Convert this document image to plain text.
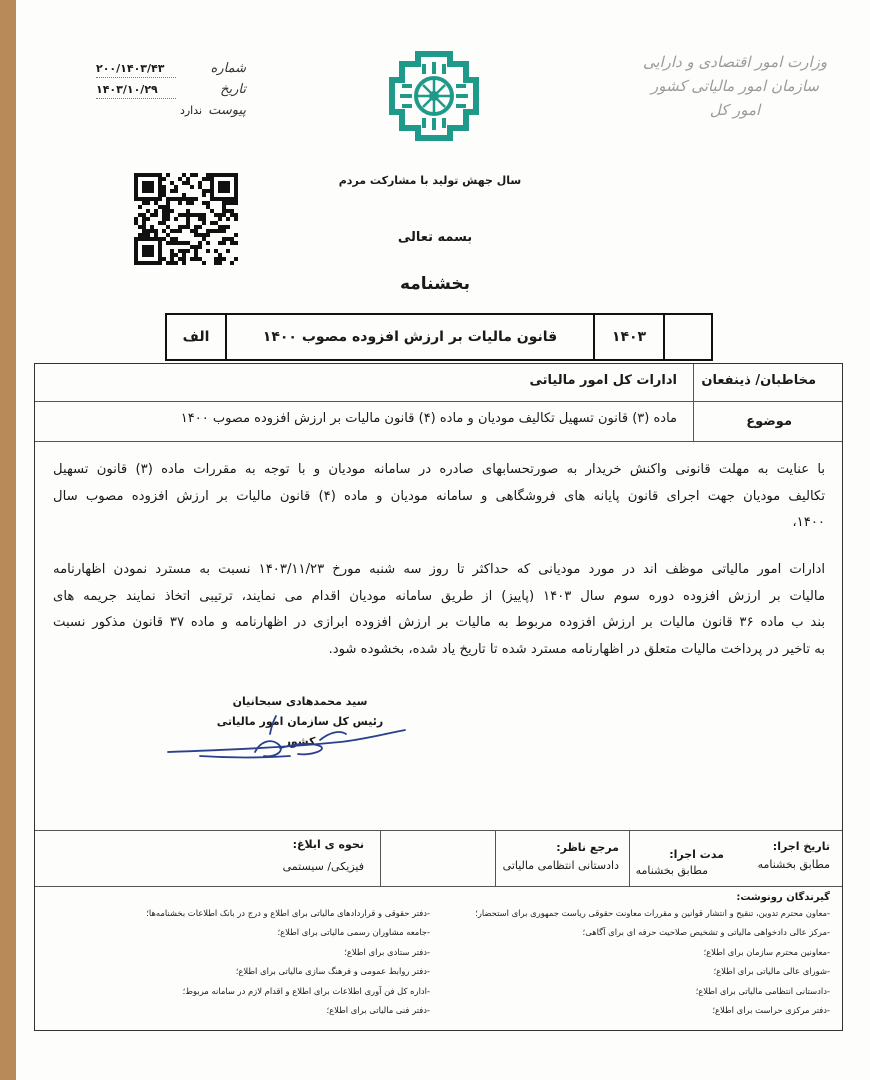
وزارت امور اقتصادی و دارایی
سازمان امور مالیاتی کشور
امور کل
شماره
۲۰۰/۱۴۰۳/۴۳
تاریخ
۱۴۰۳/۱۰/۲۹
پیوست
ندارد
سال جهش تولید با مشارکت مردم
بسمه تعالی
بخشنامه
۱۴۰۳
قانون مالیات بر ارزش افزوده مصوب ۱۴۰۰
الف
مخاطبان/ ذینفعان
ادارات کل امور مالیاتی
موضوع
ماده (۳) قانون تسهیل تکالیف مودیان و ماده (۴) قانون مالیات بر ارزش افزوده مصوب ۱۴۰۰
با عنایت به مهلت قانونی واکنش خریدار به صورتحسابهای صادره در سامانه مودیان و با توجه به مقررات ماده (۳) قانون تسهیل
تکالیف مودیان جهت اجرای قانون پایانه های فروشگاهی و سامانه مودیان و ماده (۴) قانون مالیات بر ارزش افزوده مصوب سال
۱۴۰۰،
ادارات امور مالیاتی موظف اند در مورد مودیانی که حداکثر تا روز سه شنبه مورخ ۱۴۰۳/۱۱/۲۳ نسبت به مسترد نمودن اظهارنامه
مالیات بر ارزش افزوده دوره سوم سال ۱۴۰۳ (پاییز) از طریق سامانه مودیان اقدام می نمایند، ترتیبی اتخاذ نمایند جریمه های
بند ب ماده ۳۶ قانون مالیات بر ارزش افزوده مربوط به مالیات بر ارزش افزوده ابرازی در اظهارنامه و ماده ۳۷ قانون مذکور نسبت
به تاخیر در پرداخت مالیات متعلق در اظهارنامه مسترد شده تا تاریخ یاد شده، بخشوده شود.
تاریخ اجرا:
مطابق بخشنامه
مدت اجرا:
مطابق بخشنامه
مرجع ناظر:
دادستانی انتظامی مالیاتی
نحوه ی ابلاغ:
فیزیکی/ سیستمی
گیرندگان رونوشت:
-معاون محترم تدوین، تنقیح و انتشار قوانین و مقررات معاونت حقوقی ریاست جمهوری برای استحضار؛
-مرکز عالی دادخواهی مالیاتی و تشخیص صلاحیت حرفه ای برای آگاهی؛
-معاونین محترم سازمان برای اطلاع؛
-شورای عالی مالیاتی برای اطلاع؛
-دادستانی انتظامی مالیاتی برای اطلاع؛
-دفتر مرکزی حراست برای اطلاع؛
-دفتر حقوقی و قراردادهای مالیاتی برای اطلاع و درج در بانک اطلاعات بخشنامه‌ها؛
-جامعه مشاوران رسمی مالیاتی برای اطلاع؛
-دفتر ستادی برای اطلاع؛
-دفتر روابط عمومی و فرهنگ سازی مالیاتی برای اطلاع؛
-اداره کل فن آوری اطلاعات برای اطلاع و اقدام لازم در سامانه مربوط؛
-دفتر فنی مالیاتی برای اطلاع؛
سید محمدهادی سبحانیان
رئیس کل سازمان امور مالیاتی کشور
